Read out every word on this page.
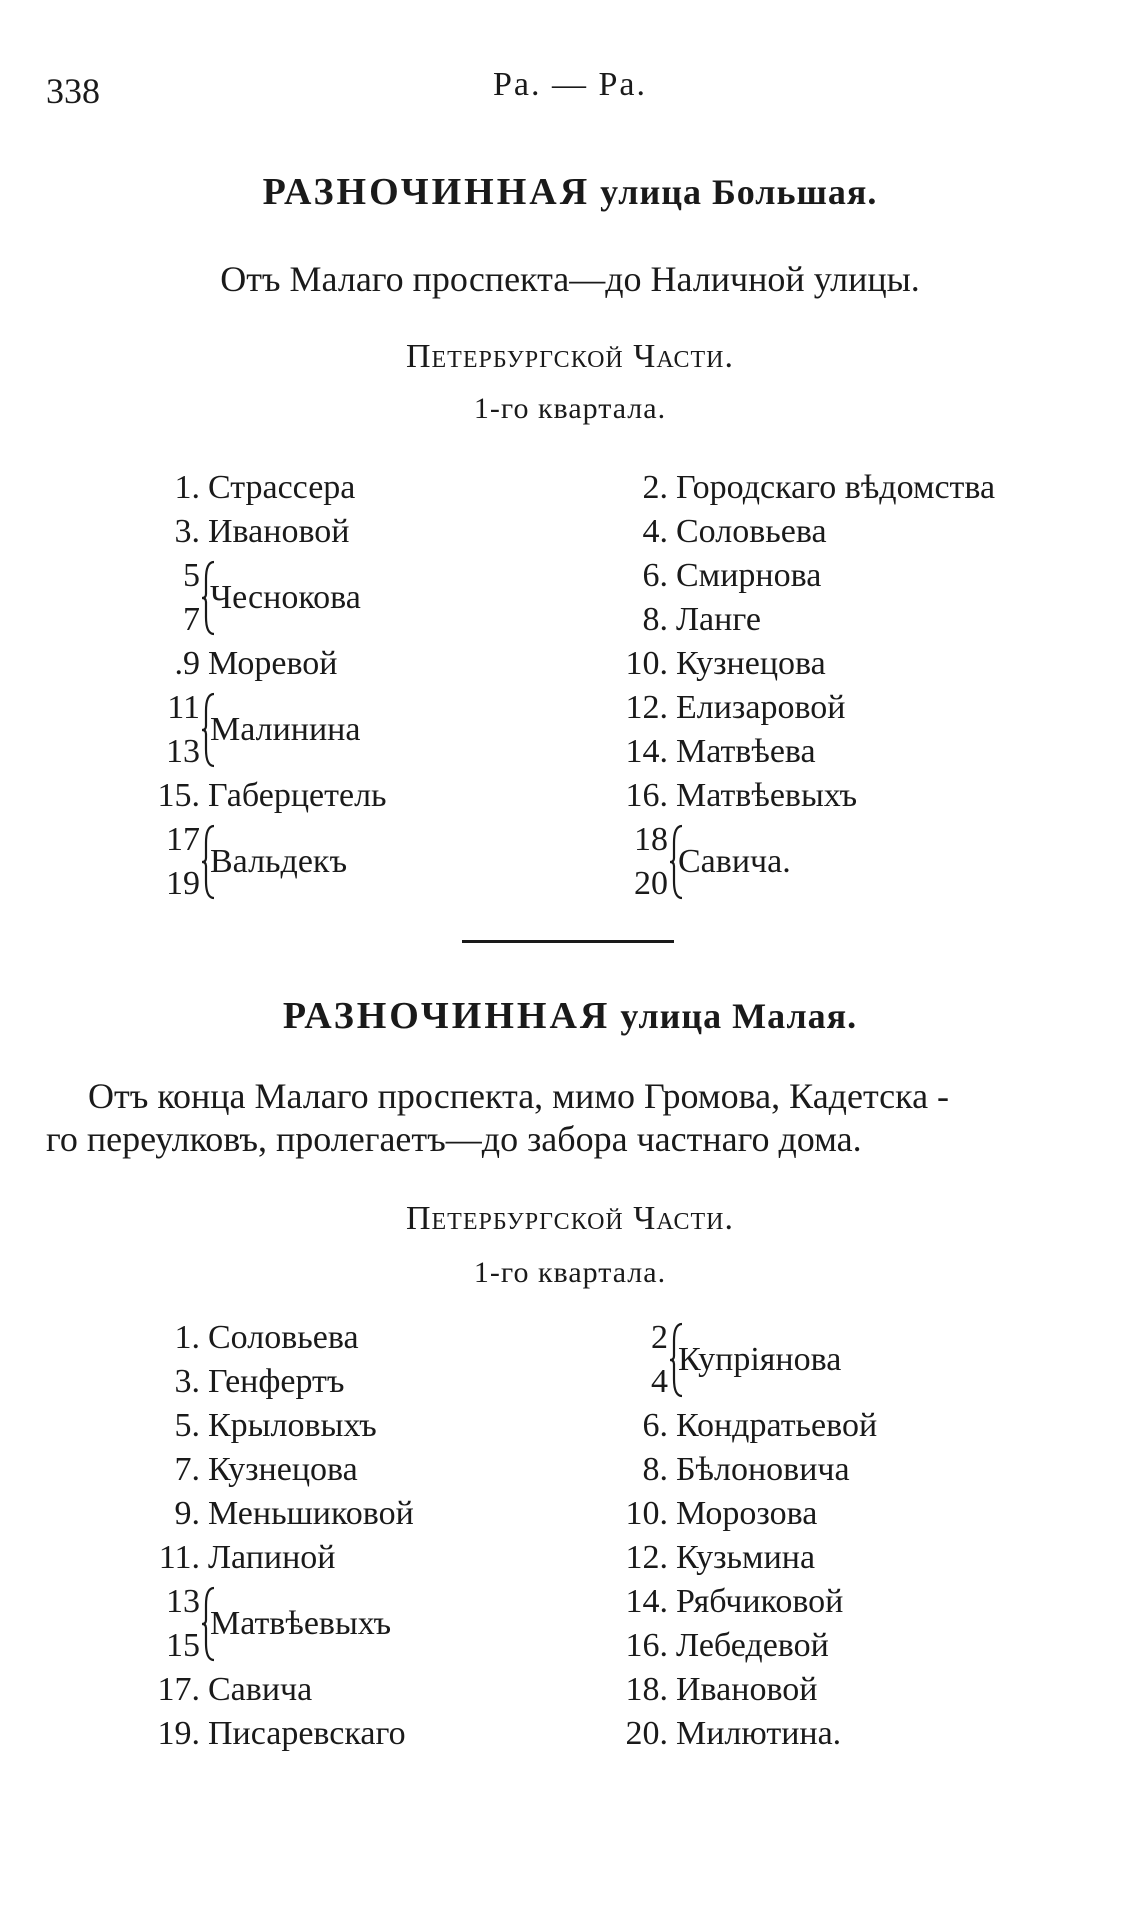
338	Ра. — Ра.
РАЗНОЧИННАЯ улица Большая.
Отъ Малаго проспекта—до Наличной улицы.
Петербургской Части.
1-го квартала.
1. Страссера
3. Ивановой
5
7
Чеснокова
.9 Моревой
11
13
Малинина
15. Габерцетель
17
19
Вальдекъ
2. Городскаго вѣдомства
4. Соловьева
6. Смирнова
8. Ланге
10. Кузнецова
12. Елизаровой
14. Матвѣева
16. Матвѣевыхъ
18
20
Савича.
РАЗНОЧИННАЯ улица Малая.
Отъ конца Малаго проспекта, мимо Громова, Кадетска -
го переулковъ, пролегаетъ—до забора частнаго дома.
Петербургской Части.
1-го квартала.
1. Соловьева
3. Генфертъ
5. Крыловыхъ
7. Кузнецова
9. Меньшиковой
11. Лапиной
13
15
Матвѣевыхъ
17. Савича
19. Писаревскаго
2
4
Купріянова
6. Кондратьевой
8. Бѣлоновича
10. Морозова
12. Кузьмина
14. Рябчиковой
16. Лебедевой
18. Ивановой
20. Милютина.
